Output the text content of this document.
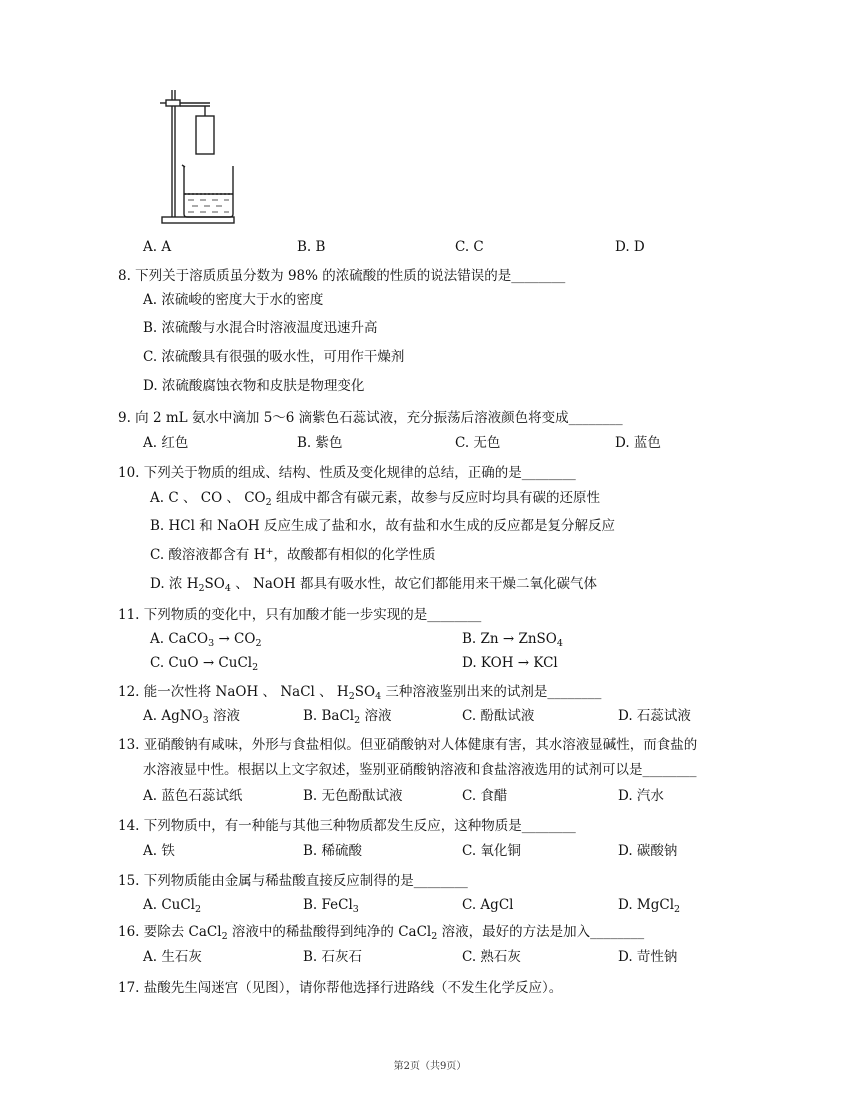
A. A	B. B	C. C	D. D
8. 下列关于溶质质虽分数为 98% 的浓硫酸的性质的说法错误的是________
A. 浓硫峻的密度大于水的密度
B. 浓硫酸与水混合时溶液温度迅速升高
C. 浓硫酸具有很强的吸水性，可用作干燥剂
D. 浓硫酸腐蚀衣物和皮肤是物理变化
9. 向 2 mL 氨水中滴加 5～6 滴紫色石蕊试液，充分振荡后溶液颜色将变成________
A. 红色	B. 紫色	C. 无色	D. 蓝色
10. 下列关于物质的组成、结构、性质及变化规律的总结，正确的是________
A. C 、 CO 、 $CO_2$ 组成中都含有碳元素，故参与反应时均具有碳的还原性
B. HCl 和 NaOH 反应生成了盐和水，故有盐和水生成的反应都是复分解反应
C. 酸溶液都含有 H+，故酸都有相似的化学性质
D. 浓 $H_2SO_4$ 、 NaOH 都具有吸水性，故它们都能用来干燥二氧化碳气体
11. 下列物质的变化中，只有加酸才能一步实现的是________
A. CaCO$_3$ → $CO_2$	B. Zn → ZnSO$_4$
C. CuO → CuCl$_2$	D. KOH → KCl
12. 能一次性将 NaOH 、 NaCl 、 $H_2SO_4$ 三种溶液鉴别出来的试剂是________
A. AgNO$_3$ 溶液	B. BaCl$_2$ 溶液	C. 酚酞试液	D. 石蕊试液
13. 亚硝酸钠有咸味，外形与食盐相似。但亚硝酸钠对人体健康有害，其水溶液显碱性，而食盐的
水溶液显中性。根据以上文字叙述，鉴别亚硝酸钠溶液和食盐溶液选用的试剂可以是________
A. 蓝色石蕊试纸	B. 无色酚酞试液	C. 食醋	D. 汽水
14. 下列物质中，有一种能与其他三种物质都发生反应，这种物质是________
A. 铁	B. 稀硫酸	C. 氧化铜	D. 碳酸钠
15. 下列物质能由金属与稀盐酸直接反应制得的是________
A. CuCl$_2$	B. FeCl$_3$	C. AgCl	D. MgCl$_2$
16. 要除去 CaCl$_2$ 溶液中的稀盐酸得到纯净的 CaCl$_2$ 溶液，最好的方法是加入________
A. 生石灰	B. 石灰石	C. 熟石灰	D. 苛性钠
17. 盐酸先生闯迷宫（见图），请你帮他选择行进路线（不发生化学反应）。
第2页（共9页）
